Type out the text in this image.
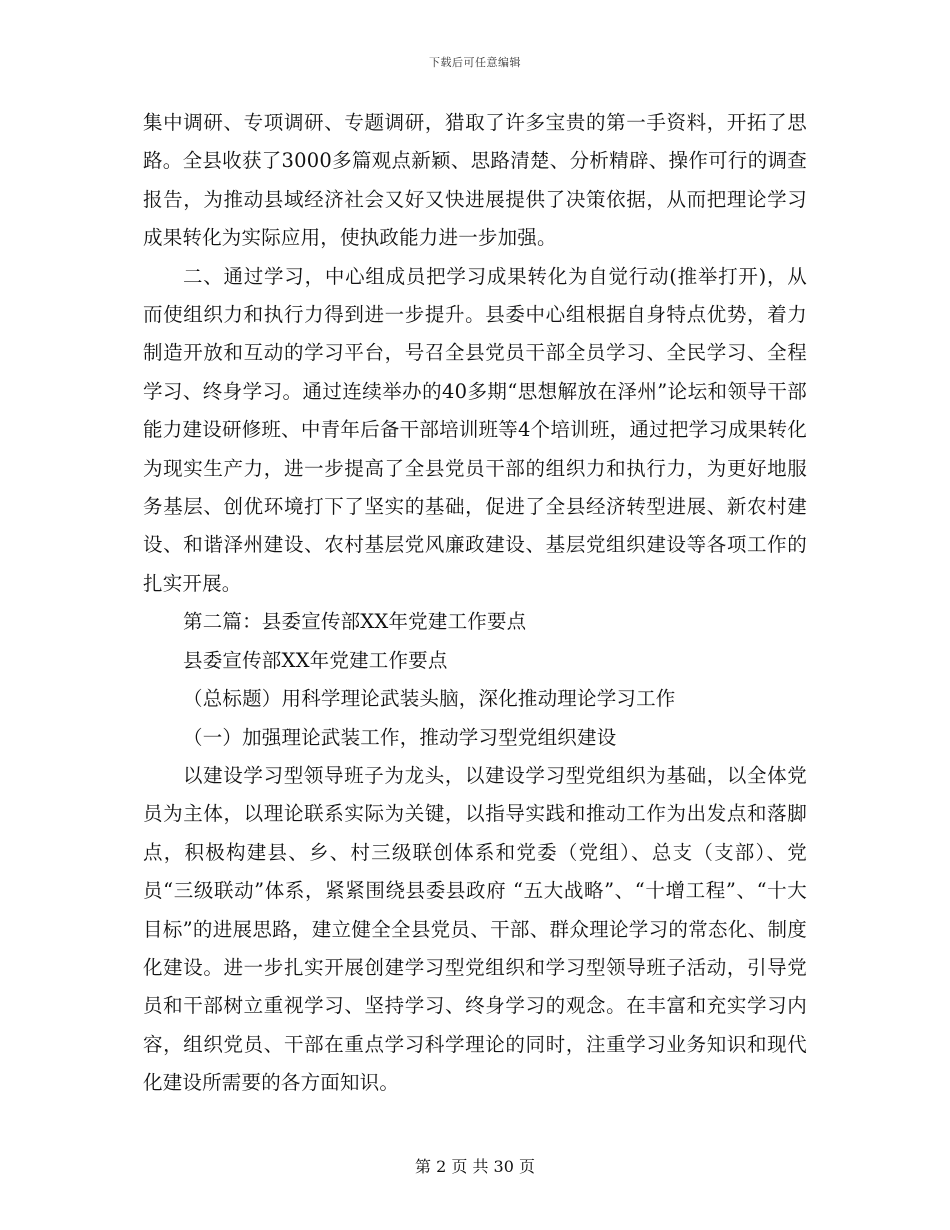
下载后可任意编辑

集中调研、专项调研、专题调研，猎取了许多宝贵的第一手资料，开拓了思路。全县收获了3000多篇观点新颖、思路清楚、分析精辟、操作可行的调查报告，为推动县域经济社会又好又快进展提供了决策依据，从而把理论学习成果转化为实际应用，使执政能力进一步加强。

二、通过学习，中心组成员把学习成果转化为自觉行动(推举打开)，从而使组织力和执行力得到进一步提升。县委中心组根据自身特点优势，着力制造开放和互动的学习平台，号召全县党员干部全员学习、全民学习、全程学习、终身学习。通过连续举办的40多期“思想解放在泽州”论坛和领导干部能力建设研修班、中青年后备干部培训班等4个培训班，通过把学习成果转化为现实生产力，进一步提高了全县党员干部的组织力和执行力，为更好地服务基层、创优环境打下了坚实的基础，促进了全县经济转型进展、新农村建设、和谐泽州建设、农村基层党风廉政建设、基层党组织建设等各项工作的扎实开展。

第二篇：县委宣传部XX年党建工作要点

县委宣传部XX年党建工作要点

（总标题）用科学理论武装头脑，深化推动理论学习工作

（一）加强理论武装工作，推动学习型党组织建设

以建设学习型领导班子为龙头，以建设学习型党组织为基础，以全体党员为主体，以理论联系实际为关键，以指导实践和推动工作为出发点和落脚点，积极构建县、乡、村三级联创体系和党委（党组）、总支（支部）、党员“三级联动”体系，紧紧围绕县委县政府 “五大战略”、“十增工程”、“十大目标”的进展思路，建立健全全县党员、干部、群众理论学习的常态化、制度化建设。进一步扎实开展创建学习型党组织和学习型领导班子活动，引导党员和干部树立重视学习、坚持学习、终身学习的观念。在丰富和充实学习内容，组织党员、干部在重点学习科学理论的同时，注重学习业务知识和现代化建设所需要的各方面知识。

第 2 页 共 30 页
